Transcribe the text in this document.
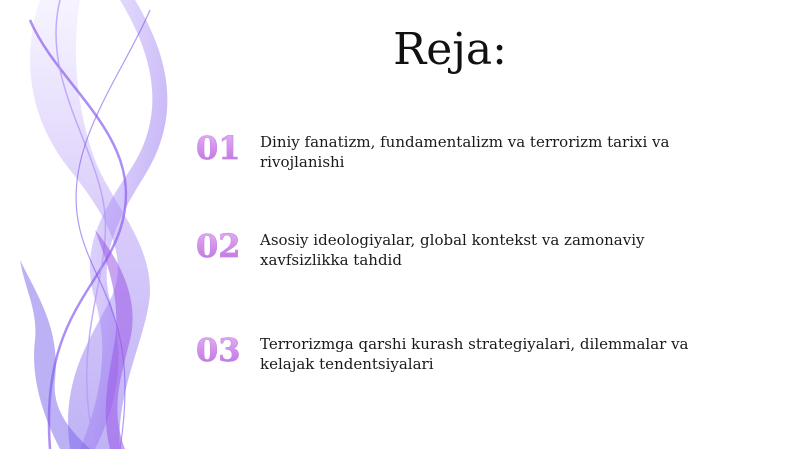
Reja:
01	Diniy fanatizm, fundamentalizm va terrorizm tarixi va rivojlanishi
02	Asosiy ideologiyalar, global kontekst va zamonaviy xavfsizlikka tahdid
03	Terrorizmga qarshi kurash strategiyalari, dilemmalar va kelajak tendentsiyalari
